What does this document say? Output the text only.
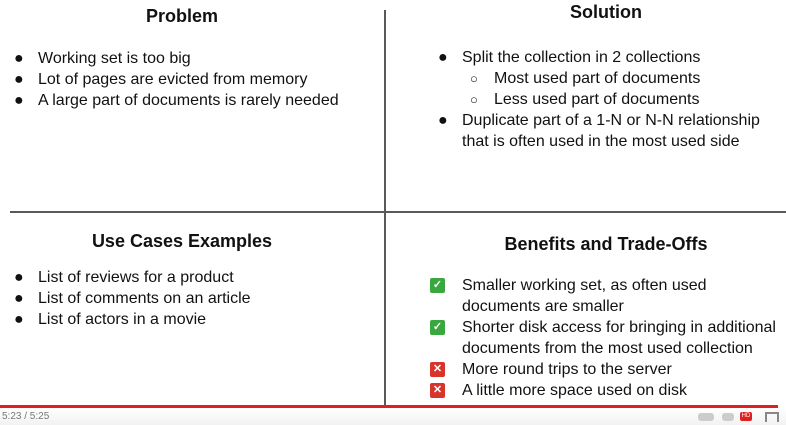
Problem
● Working set is too big
● Lot of pages are evicted from memory
● A large part of documents is rarely needed
Solution
● Split the collection in 2 collections
○ Most used part of documents
○ Less used part of documents
● Duplicate part of a 1-N or N-N relationship that is often used in the most used side
Use Cases Examples
● List of reviews for a product
● List of comments on an article
● List of actors in a movie
Benefits and Trade-Offs
✓ Smaller working set, as often used documents are smaller
✓ Shorter disk access for bringing in additional documents from the most used collection
✕ More round trips to the server
✕ A little more space used on disk
5:23 / 5:25	HD
